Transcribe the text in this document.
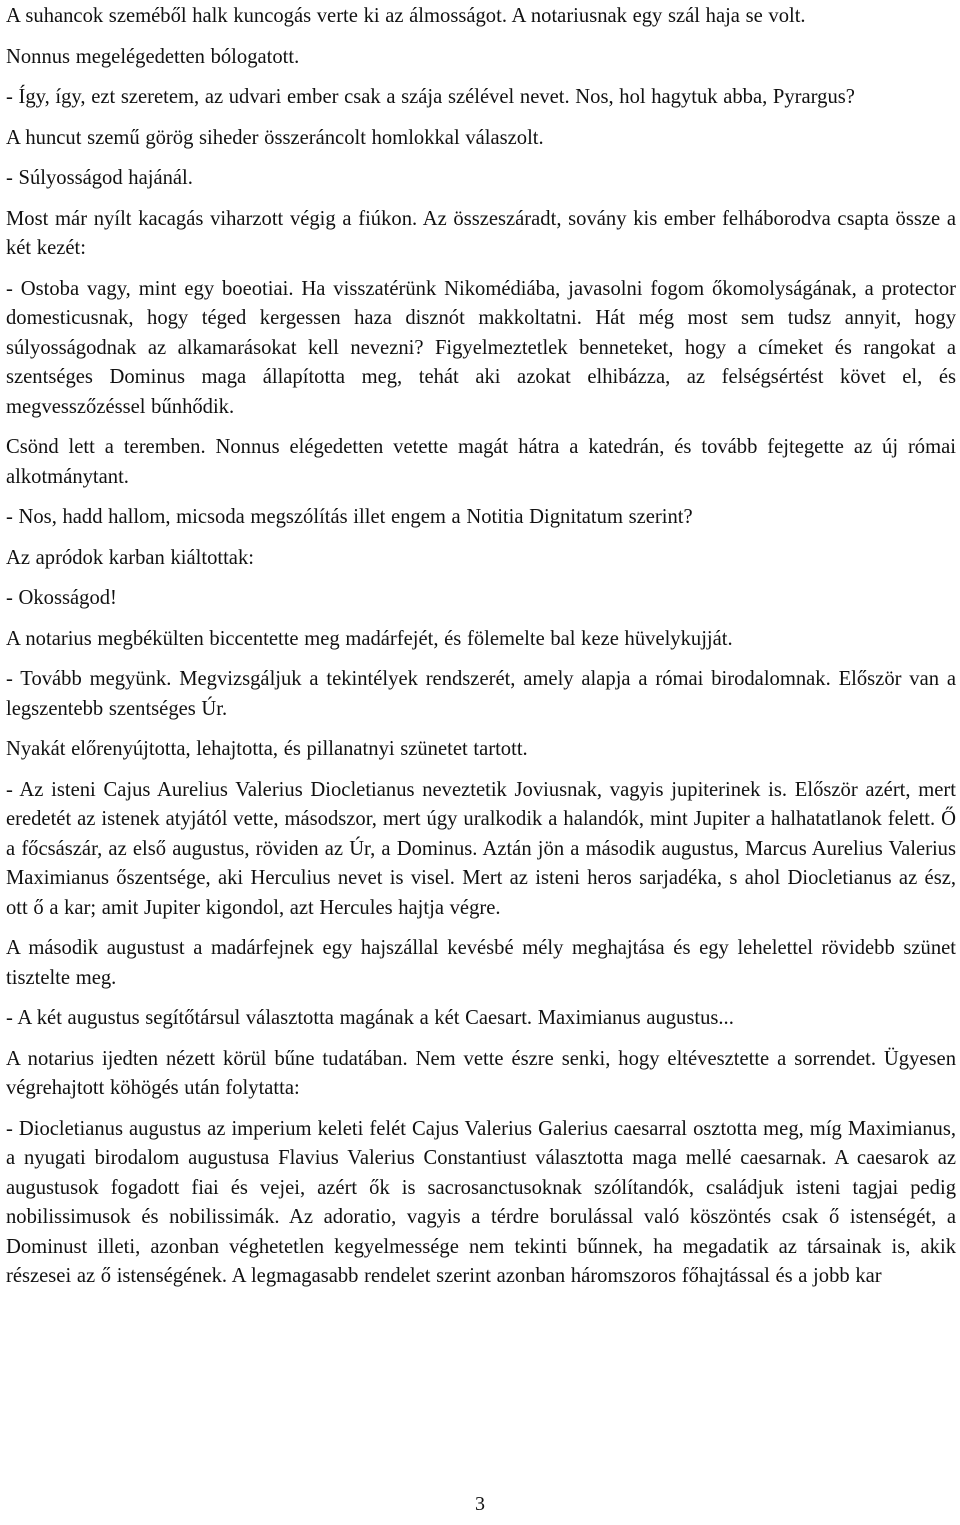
A suhancok szeméből halk kuncogás verte ki az álmosságot. A notariusnak egy szál haja se volt.

Nonnus megelégedetten bólogatott.

- Így, így, ezt szeretem, az udvari ember csak a szája szélével nevet. Nos, hol hagytuk abba, Pyrargus?

A huncut szemű görög siheder összeráncolt homlokkal válaszolt.

- Súlyosságod hajánál.

Most már nyílt kacagás viharzott végig a fiúkon. Az összeszáradt, sovány kis ember felháborodva csapta össze a két kezét:

- Ostoba vagy, mint egy boeotiai. Ha visszatérünk Nikomédiába, javasolni fogom őkomolyságának, a protector domesticusnak, hogy téged kergessen haza disznót makkoltatni. Hát még most sem tudsz annyit, hogy súlyosságodnak az alkamarásokat kell nevezni? Figyelmeztetlek benneteket, hogy a címeket és rangokat a szentséges Dominus maga állapította meg, tehát aki azokat elhibázza, az felségsértést követ el, és megvesszőzéssel bűnhődik.

Csönd lett a teremben. Nonnus elégedetten vetette magát hátra a katedrán, és tovább fejtegette az új római alkotmánytant.

- Nos, hadd hallom, micsoda megszólítás illet engem a Notitia Dignitatum szerint?

Az apródok karban kiáltottak:

- Okosságod!

A notarius megbékülten biccentette meg madárfejét, és fölemelte bal keze hüvelykujját.

- Tovább megyünk. Megvizsgáljuk a tekintélyek rendszerét, amely alapja a római birodalomnak. Először van a legszentebb szentséges Úr.

Nyakát előrenyújtotta, lehajtotta, és pillanatnyi szünetet tartott.

- Az isteni Cajus Aurelius Valerius Diocletianus neveztetik Joviusnak, vagyis jupiterinek is. Először azért, mert eredetét az istenek atyjától vette, másodszor, mert úgy uralkodik a halandók, mint Jupiter a halhatatlanok felett. Ő a főcsászár, az első augustus, röviden az Úr, a Dominus. Aztán jön a második augustus, Marcus Aurelius Valerius Maximianus őszentsége, aki Herculius nevet is visel. Mert az isteni heros sarjadéka, s ahol Diocletianus az ész, ott ő a kar; amit Jupiter kigondol, azt Hercules hajtja végre.

A második augustust a madárfejnek egy hajszállal kevésbé mély meghajtása és egy lehelettel rövidebb szünet tisztelte meg.

- A két augustus segítőtársul választotta magának a két Caesart. Maximianus augustus...

A notarius ijedten nézett körül bűne tudatában. Nem vette észre senki, hogy eltévesztette a sorrendet. Ügyesen végrehajtott köhögés után folytatta:

- Diocletianus augustus az imperium keleti felét Cajus Valerius Galerius caesarral osztotta meg, míg Maximianus, a nyugati birodalom augustusa Flavius Valerius Constantiust választotta maga mellé caesarnak. A caesarok az augustusok fogadott fiai és vejei, azért ők is sacrosanctusoknak szólítandók, családjuk isteni tagjai pedig nobilissimusok és nobilissimák. Az adoratio, vagyis a térdre borulással való köszöntés csak ő istenségét, a Dominust illeti, azonban véghetetlen kegyelmessége nem tekinti bűnnek, ha megadatik az társainak is, akik részesei az ő istenségének. A legmagasabb rendelet szerint azonban háromszoros főhajtással és a jobb kar

3
